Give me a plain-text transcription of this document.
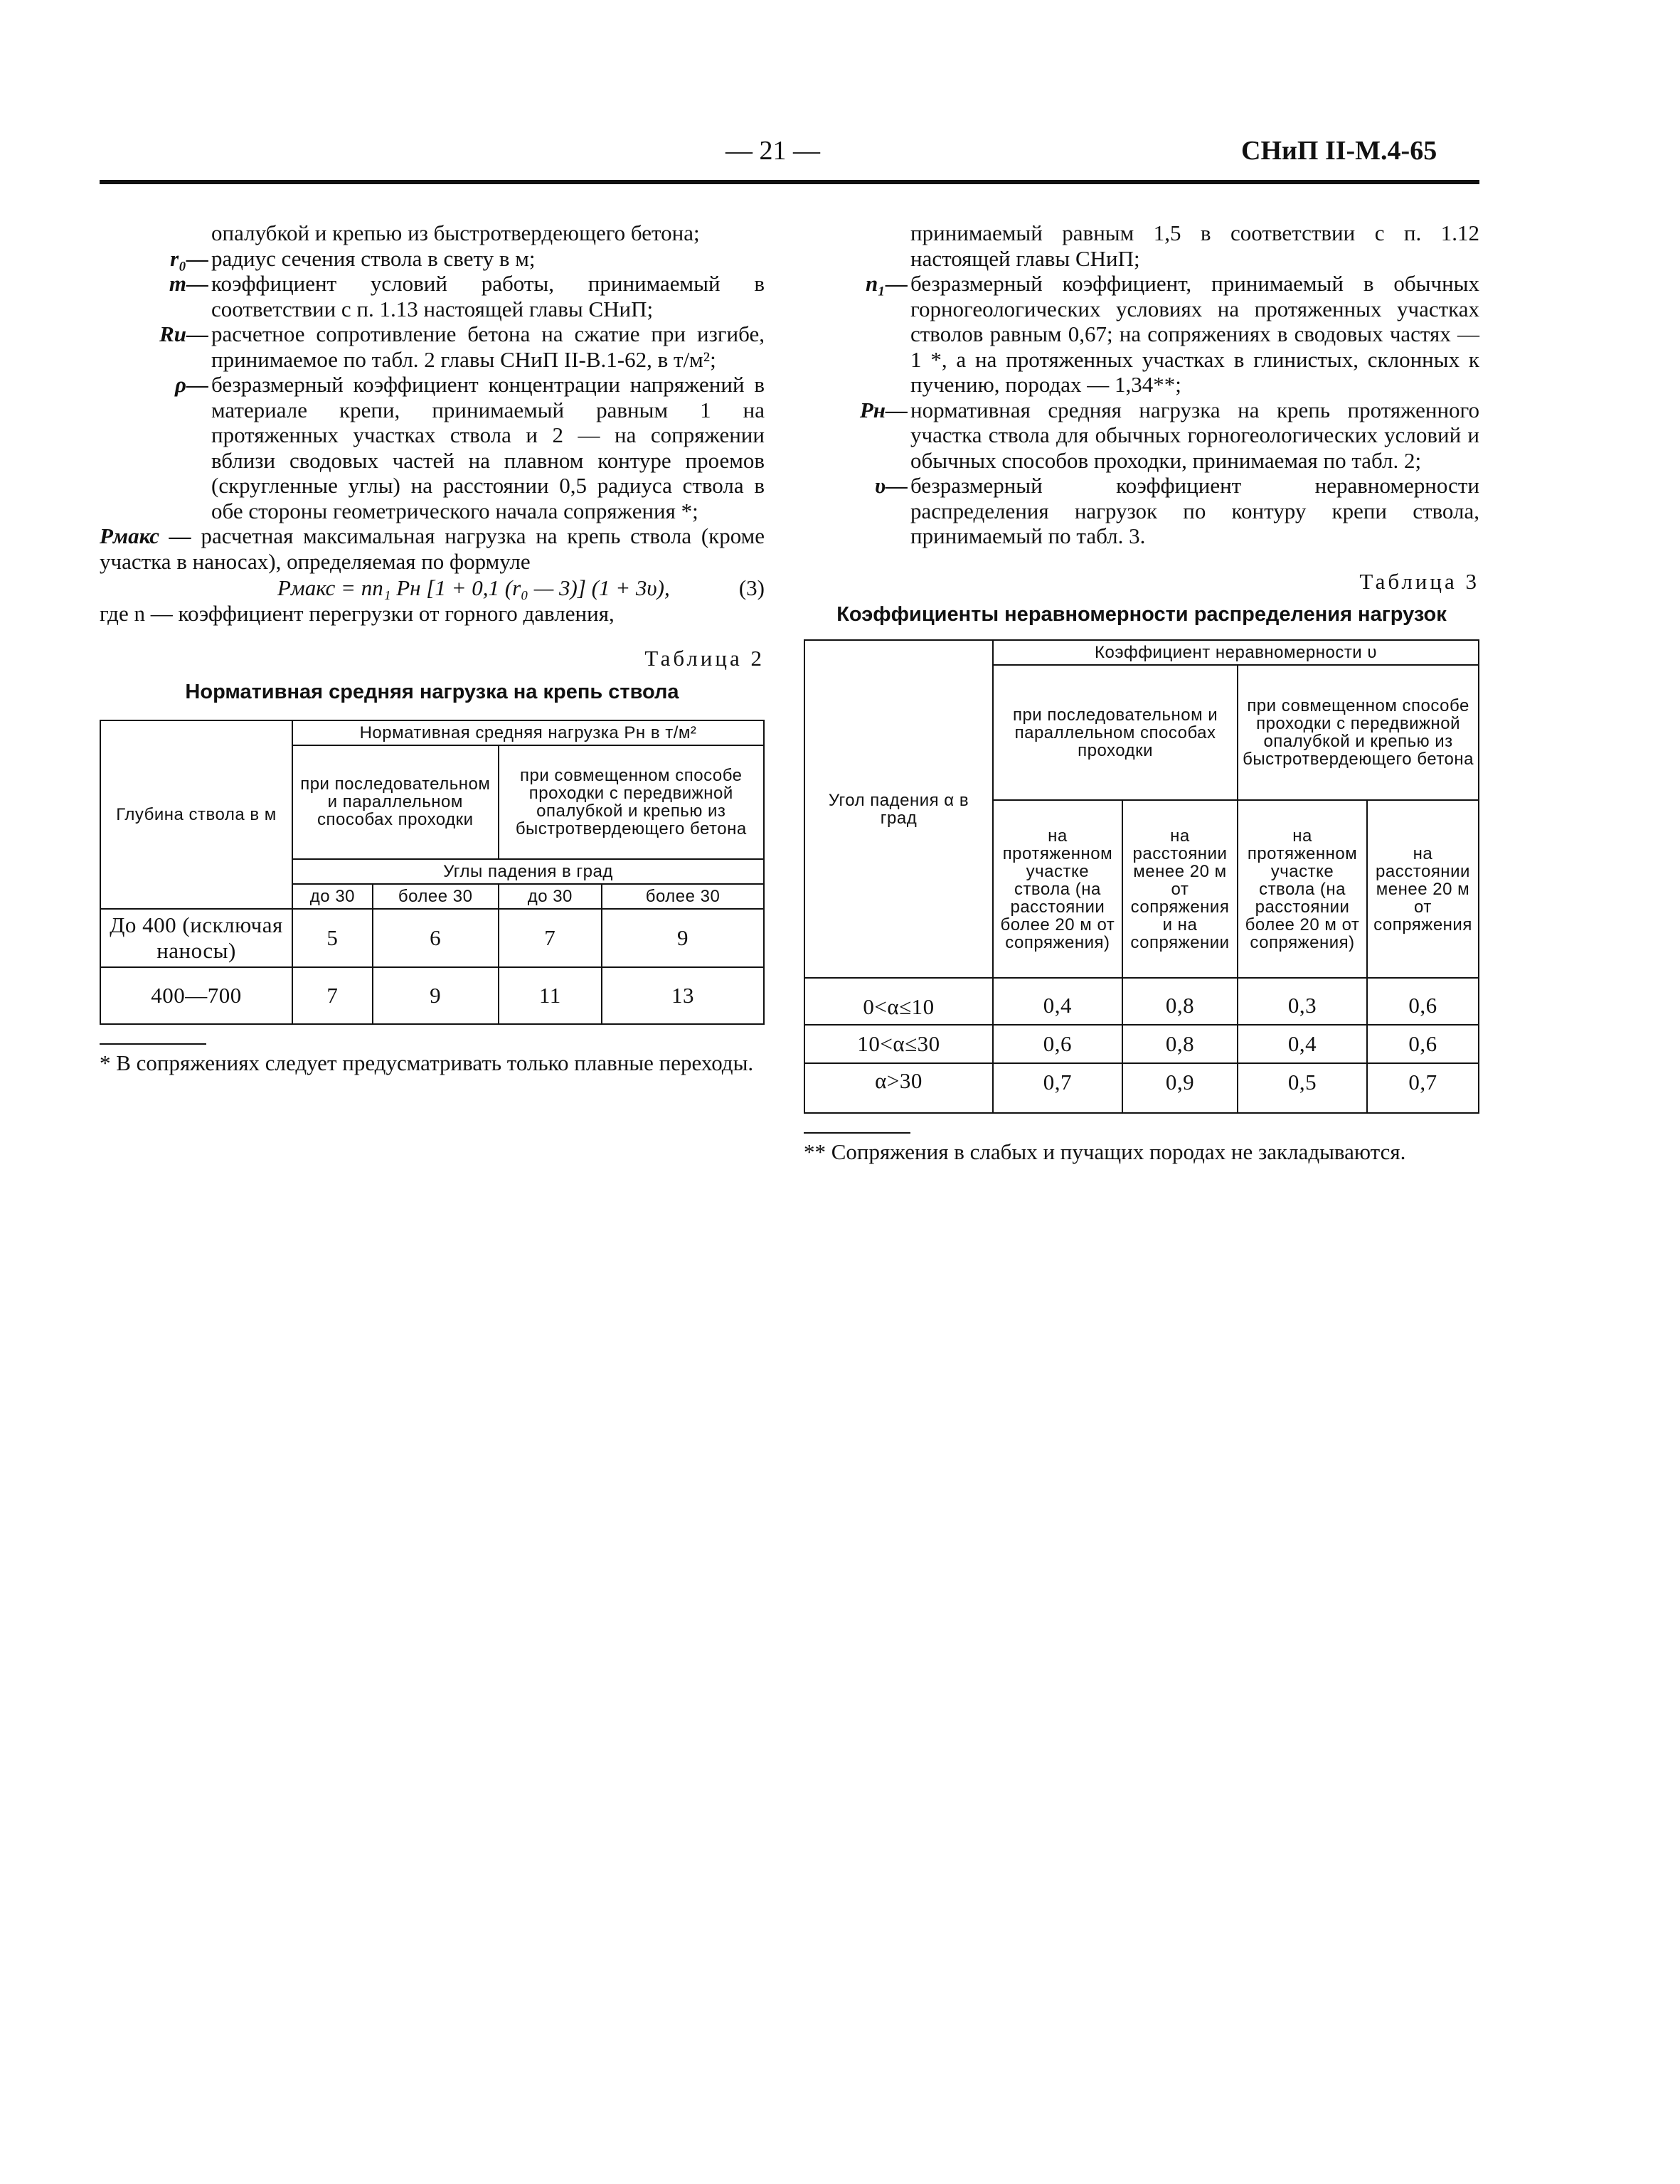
— 21 —	СНиП II-М.4-65
опалубкой и крепью из быстротвердеющего бетона;
r₀— радиус сечения ствола в свету в м;
m— коэффициент условий работы, принимаемый в соответствии с п. 1.13 настоящей главы СНиП;
Rи— расчетное сопротивление бетона на сжатие при изгибе, принимаемое по табл. 2 главы СНиП II-В.1-62, в т/м²;
ρ— безразмерный коэффициент концентрации напряжений в материале крепи, принимаемый равным 1 на протяженных участках ствола и 2 — на сопряжении вблизи сводовых частей на плавном контуре проемов (скругленные углы) на расстоянии 0,5 радиуса ствола в обе стороны геометрического начала сопряжения *;
Pмакс — расчетная максимальная нагрузка на крепь ствола (кроме участка в наносах), определяемая по формуле
Pмакс = nn₁ Pн [1 + 0,1 (r₀ — 3)] (1 + 3υ),	(3)
где n — коэффициент перегрузки от горного давления,
Таблица 2
Нормативная средняя нагрузка на крепь ствола
Глубина ствола в м	Нормативная средняя нагрузка Pн в т/м²			
	при последовательном и параллельном способах проходки		при совмещенном способе проходки с передвижной опалубкой и крепью из быстротвердеющего бетона	
	Углы падения в град			
	до 30	более 30	до 30	более 30
До 400 (исключая наносы)	5	6	7	9
400—700	7	9	11	13
* В сопряжениях следует предусматривать только плавные переходы.
принимаемый равным 1,5 в соответствии с п. 1.12 настоящей главы СНиП;
n₁— безразмерный коэффициент, принимаемый в обычных горногеологических условиях на протяженных участках стволов равным 0,67; на сопряжениях в сводовых частях — 1 *, а на протяженных участках в глинистых, склонных к пучению, породах — 1,34**;
Pн— нормативная средняя нагрузка на крепь протяженного участка ствола для обычных горногеологических условий и обычных способов проходки, принимаемая по табл. 2;
υ— безразмерный коэффициент неравномерности распределения нагрузок по контуру крепи ствола, принимаемый по табл. 3.
Таблица 3
Коэффициенты неравномерности распределения нагрузок
Угол падения α в град	Коэффициент неравномерности υ			
	при последовательном и параллельном способах проходки		при совмещенном способе проходки с передвижной опалубкой и крепью из быстротвердеющего бетона	
	на протяженном участке ствола (на расстоянии более 20 м от сопряжения)	на расстоянии менее 20 м от сопряжения и на сопряжении	на протяженном участке ствола (на расстоянии более 20 м от сопряжения)	на расстоянии менее 20 м от сопряжения
0<α≤10	0,4	0,8	0,3	0,6
10<α≤30	0,6	0,8	0,4	0,6
α>30	0,7	0,9	0,5	0,7
** Сопряжения в слабых и пучащих породах не закладываются.
